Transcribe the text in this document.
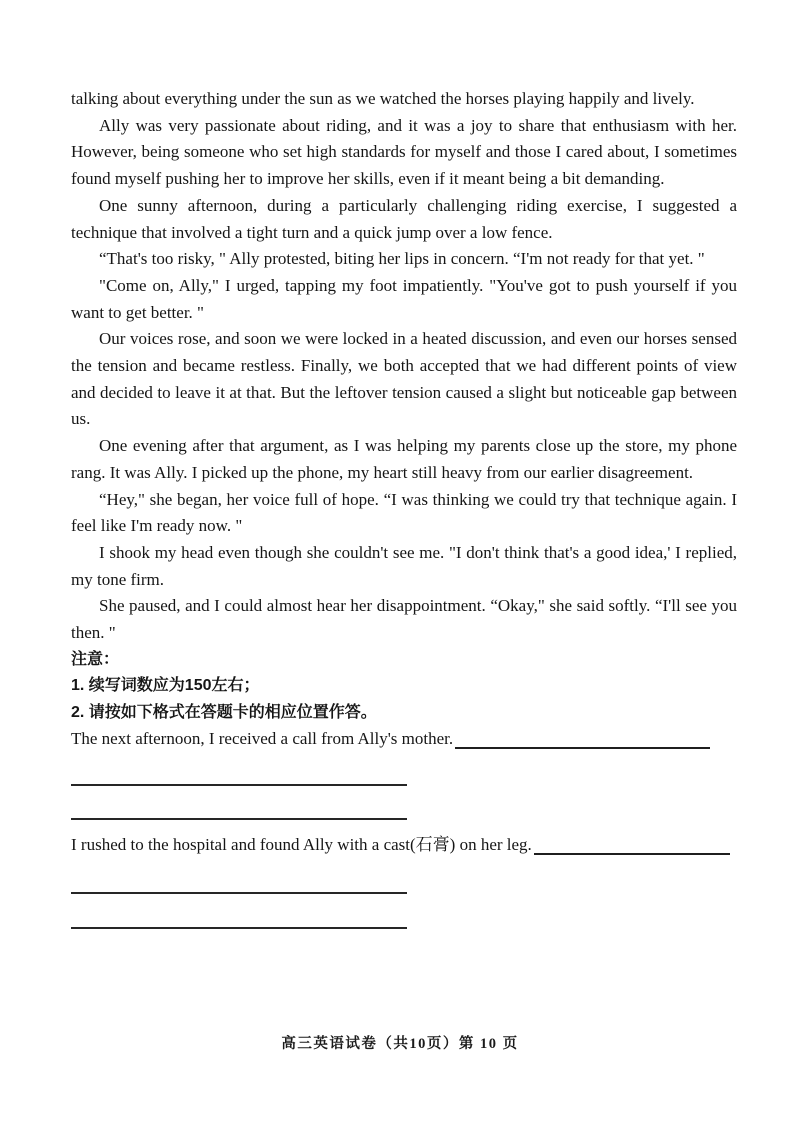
talking about everything under the sun as we watched the horses playing happily and lively.

Ally was very passionate about riding, and it was a joy to share that enthusiasm with her. However, being someone who set high standards for myself and those I cared about, I sometimes found myself pushing her to improve her skills, even if it meant being a bit demanding.

One sunny afternoon, during a particularly challenging riding exercise, I suggested a technique that involved a tight turn and a quick jump over a low fence.

“That's too risky, " Ally protested, biting her lips in concern. “I'm not ready for that yet. "

"Come on, Ally," I urged, tapping my foot impatiently. "You've got to push yourself if you want to get better. "

Our voices rose, and soon we were locked in a heated discussion, and even our horses sensed the tension and became restless. Finally, we both accepted that we had different points of view and decided to leave it at that. But the leftover tension caused a slight but noticeable gap between us.

One evening after that argument, as I was helping my parents close up the store, my phone rang. It was Ally. I picked up the phone, my heart still heavy from our earlier disagreement.

“Hey," she began, her voice full of hope. “I was thinking we could try that technique again. I feel like I'm ready now. "

I shook my head even though she couldn't see me. "I don't think that's a good idea,' I replied, my tone firm.

She paused, and I could almost hear her disappointment. “Okay," she said softly. “I'll see you then. "

注意：
1. 续写词数应为150左右；
2. 请按如下格式在答题卡的相应位置作答。
The next afternoon, I received a call from Ally's mother.
I rushed to the hospital and found Ally with a cast(石膏) on her leg.
高三英语试卷（共10页）第 10 页
